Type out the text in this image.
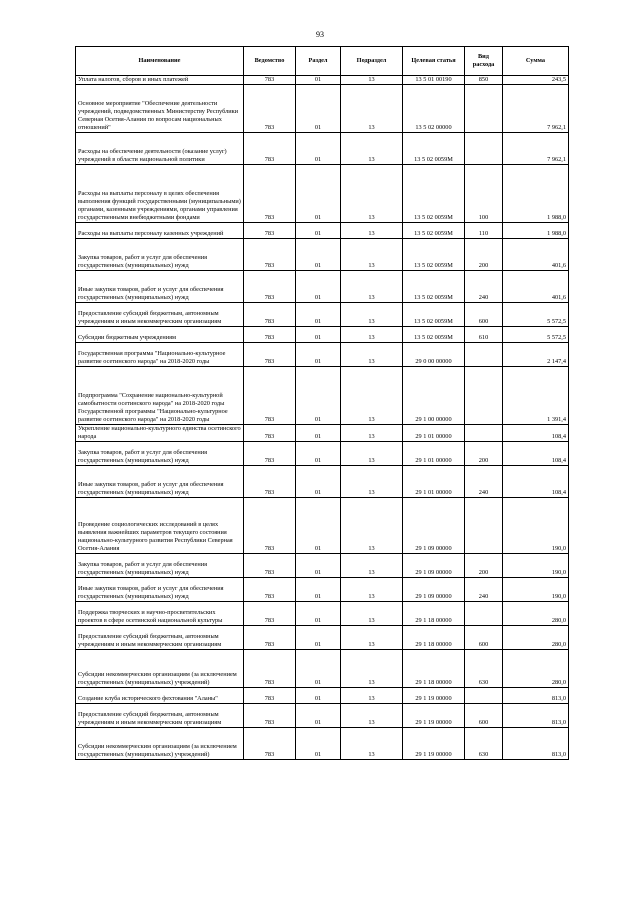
93
Наименование	Ведомство	Раздел	Подраздел	Целевая статья	Вид расхода	Сумма
Уплата налогов, сборов и иных платежей	783	01	13	13 5 01 00190	850	243,5
Основное мероприятие "Обеспечение деятельности учреждений, подведомственных Министерству Республики Северная Осетия-Алания по вопросам национальных отношений"	783	01	13	13 5 02 00000		7 962,1
Расходы на обеспечение деятельности (оказание услуг) учреждений в области национальной политики	783	01	13	13 5 02 0059М		7 962,1
Расходы на выплаты персоналу в целях обеспечения выполнения функций государственными (муниципальными) органами, казенными учреждениями, органами управления государственными внебюджетными фондами	783	01	13	13 5 02 0059М	100	1 988,0
Расходы на выплаты персоналу казенных учреждений	783	01	13	13 5 02 0059М	110	1 988,0
Закупка товаров, работ и услуг для обеспечения государственных (муниципальных) нужд	783	01	13	13 5 02 0059М	200	401,6
Иные закупки товаров, работ и услуг для обеспечения государственных (муниципальных) нужд	783	01	13	13 5 02 0059М	240	401,6
Предоставление субсидий бюджетным, автономным учреждениям и иным некоммерческим организациям	783	01	13	13 5 02 0059М	600	5 572,5
Субсидии бюджетным учреждениям	783	01	13	13 5 02 0059М	610	5 572,5
Государственная программа "Национально-культурное развитие осетинского народа" на 2018-2020 годы	783	01	13	29 0 00 00000		2 147,4
Подпрограмма "Сохранение национально-культурной самобытности осетинского народа" на 2018-2020 годы Государственной программы "Национально-культурное развитие осетинского народа" на 2018-2020 годы	783	01	13	29 1 00 00000		1 391,4
Укрепление национально-культурного единства осетинского народа	783	01	13	29 1 01 00000		108,4
Закупка товаров, работ и услуг для обеспечения государственных (муниципальных) нужд	783	01	13	29 1 01 00000	200	108,4
Иные закупки товаров, работ и услуг для обеспечения государственных (муниципальных) нужд	783	01	13	29 1 01 00000	240	108,4
Проведение социологических исследований в целях выявления важнейших параметров текущего состояния национально-культурного развития Республики Северная Осетия-Алания	783	01	13	29 1 09 00000		190,0
Закупка товаров, работ и услуг для обеспечения государственных (муниципальных) нужд	783	01	13	29 1 09 00000	200	190,0
Иные закупки товаров, работ и услуг для обеспечения государственных (муниципальных) нужд	783	01	13	29 1 09 00000	240	190,0
Поддержка творческих и научно-просветительских проектов в сфере осетинской национальной культуры	783	01	13	29 1 18 00000		280,0
Предоставление субсидий бюджетным, автономным учреждениям и иным некоммерческим организациям	783	01	13	29 1 18 00000	600	280,0
Субсидии некоммерческим организациям (за исключением государственных (муниципальных) учреждений)	783	01	13	29 1 18 00000	630	280,0
Создание клуба исторического фехтования "Аланы"	783	01	13	29 1 19 00000		813,0
Предоставление субсидий бюджетным, автономным учреждениям и иным некоммерческим организациям	783	01	13	29 1 19 00000	600	813,0
Субсидии некоммерческим организациям (за исключением государственных (муниципальных) учреждений)	783	01	13	29 1 19 00000	630	813,0
